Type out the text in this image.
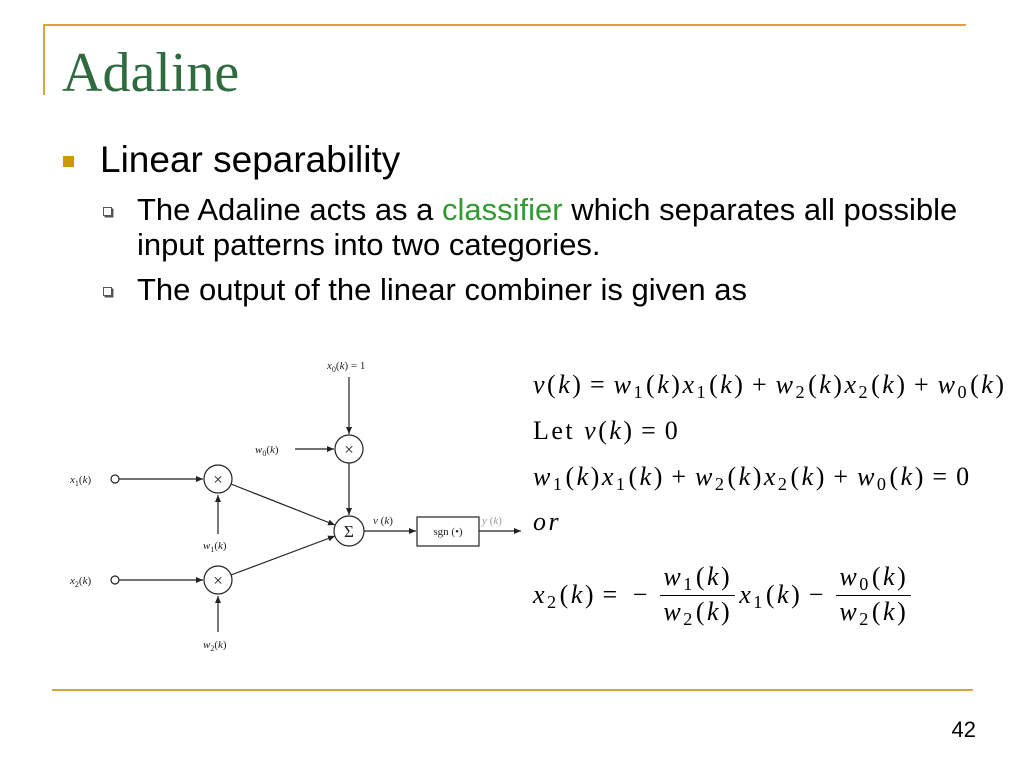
Adaline
Linear separability
The Adaline acts as a classifier which separates all possible input patterns into two categories.
The output of the linear combiner is given as
×
×
×
Σ
$x_0(k) = 1$
$w_0(k)$
$x_1(k)$
$w_1(k)$
$x_2(k)$
$w_2(k)$
v (k)
sgn (•)
y (k)
$v(k) = w_1(k)x_1(k) + w_2(k)x_2(k) + w_0(k)$
Let v(k) = 0
$w_1(k)x_1(k) + w_2(k)x_2(k) + w_0(k) = 0$
or
$x_2(k)$ = − $\frac{w_1(k)}{w_2(k)} x_1(k) - \frac{w_0(k)}{w_2(k)}$
42
